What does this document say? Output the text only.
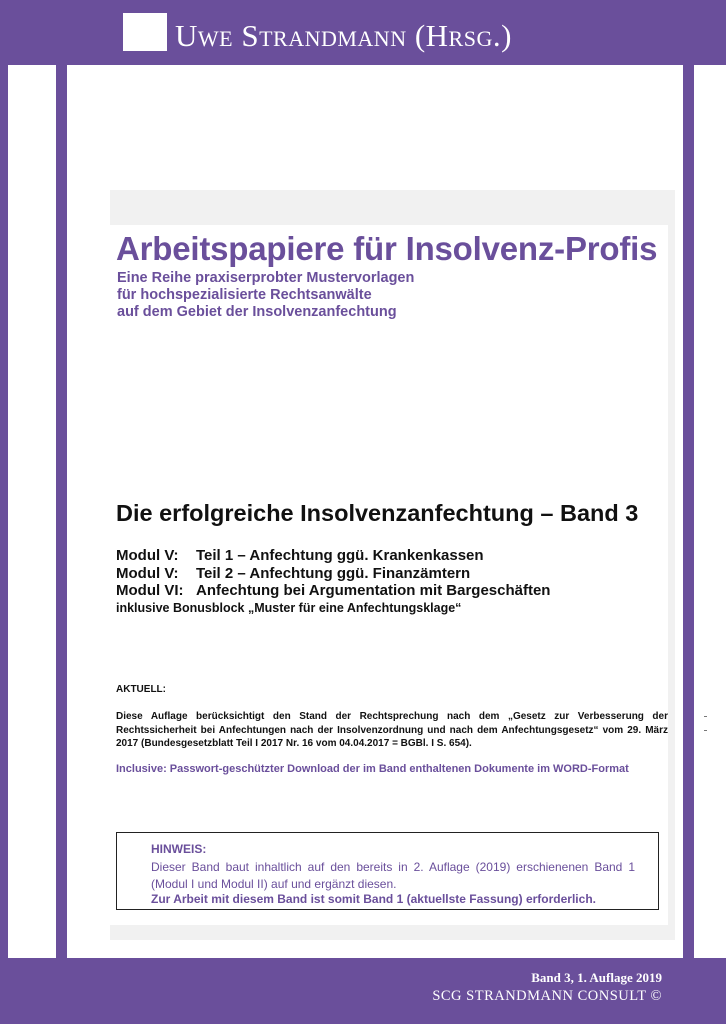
Uwe Strandmann (Hrsg.)
Arbeitspapiere für Insolvenz-Profis
Eine Reihe praxiserprobter Mustervorlagen
für hochspezialisierte Rechtsanwälte
auf dem Gebiet der Insolvenzanfechtung
Die erfolgreiche Insolvenzanfechtung – Band 3
Modul V: Teil 1 – Anfechtung ggü. Krankenkassen
Modul V: Teil 2 – Anfechtung ggü. Finanzämtern
Modul VI: Anfechtung bei Argumentation mit Bargeschäften
inklusive Bonusblock „Muster für eine Anfechtungsklage“
AKTUELL:
Diese Auflage berücksichtigt den Stand der Rechtsprechung nach dem „Gesetz zur Verbesserung der Rechtssicherheit bei Anfechtungen nach der Insolvenzordnung und nach dem Anfechtungsgesetz“ vom 29. März 2017 (Bundesgesetzblatt Teil I 2017 Nr. 16 vom 04.04.2017 = BGBl. I S. 654).
Inclusive: Passwort-geschützter Download der im Band enthaltenen Dokumente im WORD-Format
HINWEIS:
Dieser Band baut inhaltlich auf den bereits in 2. Auflage (2019) erschienenen Band 1 (Modul I und Modul II) auf und ergänzt diesen.
Zur Arbeit mit diesem Band ist somit Band 1 (aktuellste Fassung) erforderlich.
Band 3, 1. Auflage 2019
SCG STRANDMANN CONSULT ©
